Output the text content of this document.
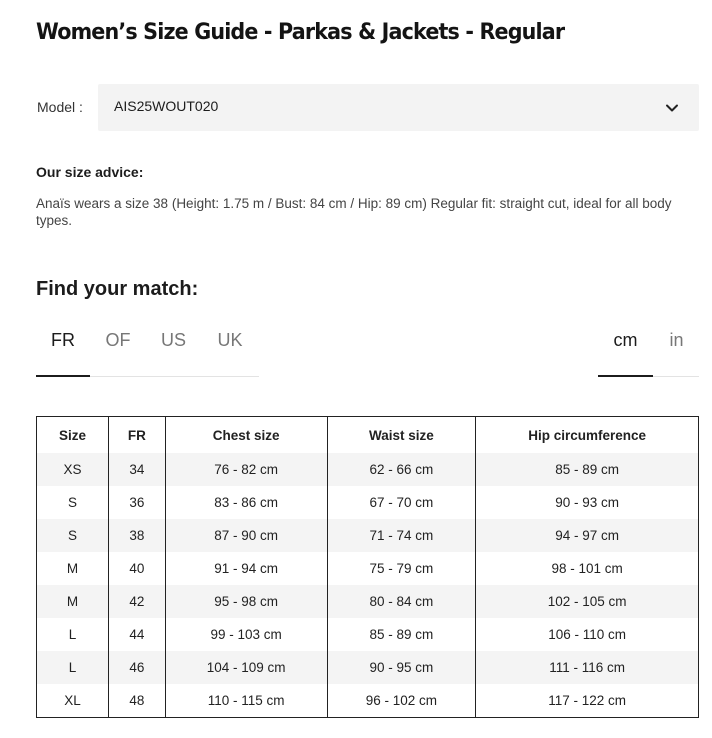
Women’s Size Guide - Parkas & Jackets - Regular
Model : AIS25WOUT020
Our size advice:
Anaïs wears a size 38 (Height: 1.75 m / Bust: 84 cm / Hip: 89 cm) Regular fit: straight cut, ideal for all body types.
Find your match:
FR	OF	US	UK	cm	in
Size	FR	Chest size	Waist size	Hip circumference
XS	34	76 - 82 cm	62 - 66 cm	85 - 89 cm
S	36	83 - 86 cm	67 - 70 cm	90 - 93 cm
S	38	87 - 90 cm	71 - 74 cm	94 - 97 cm
M	40	91 - 94 cm	75 - 79 cm	98 - 101 cm
M	42	95 - 98 cm	80 - 84 cm	102 - 105 cm
L	44	99 - 103 cm	85 - 89 cm	106 - 110 cm
L	46	104 - 109 cm	90 - 95 cm	111 - 116 cm
XL	48	110 - 115 cm	96 - 102 cm	117 - 122 cm
